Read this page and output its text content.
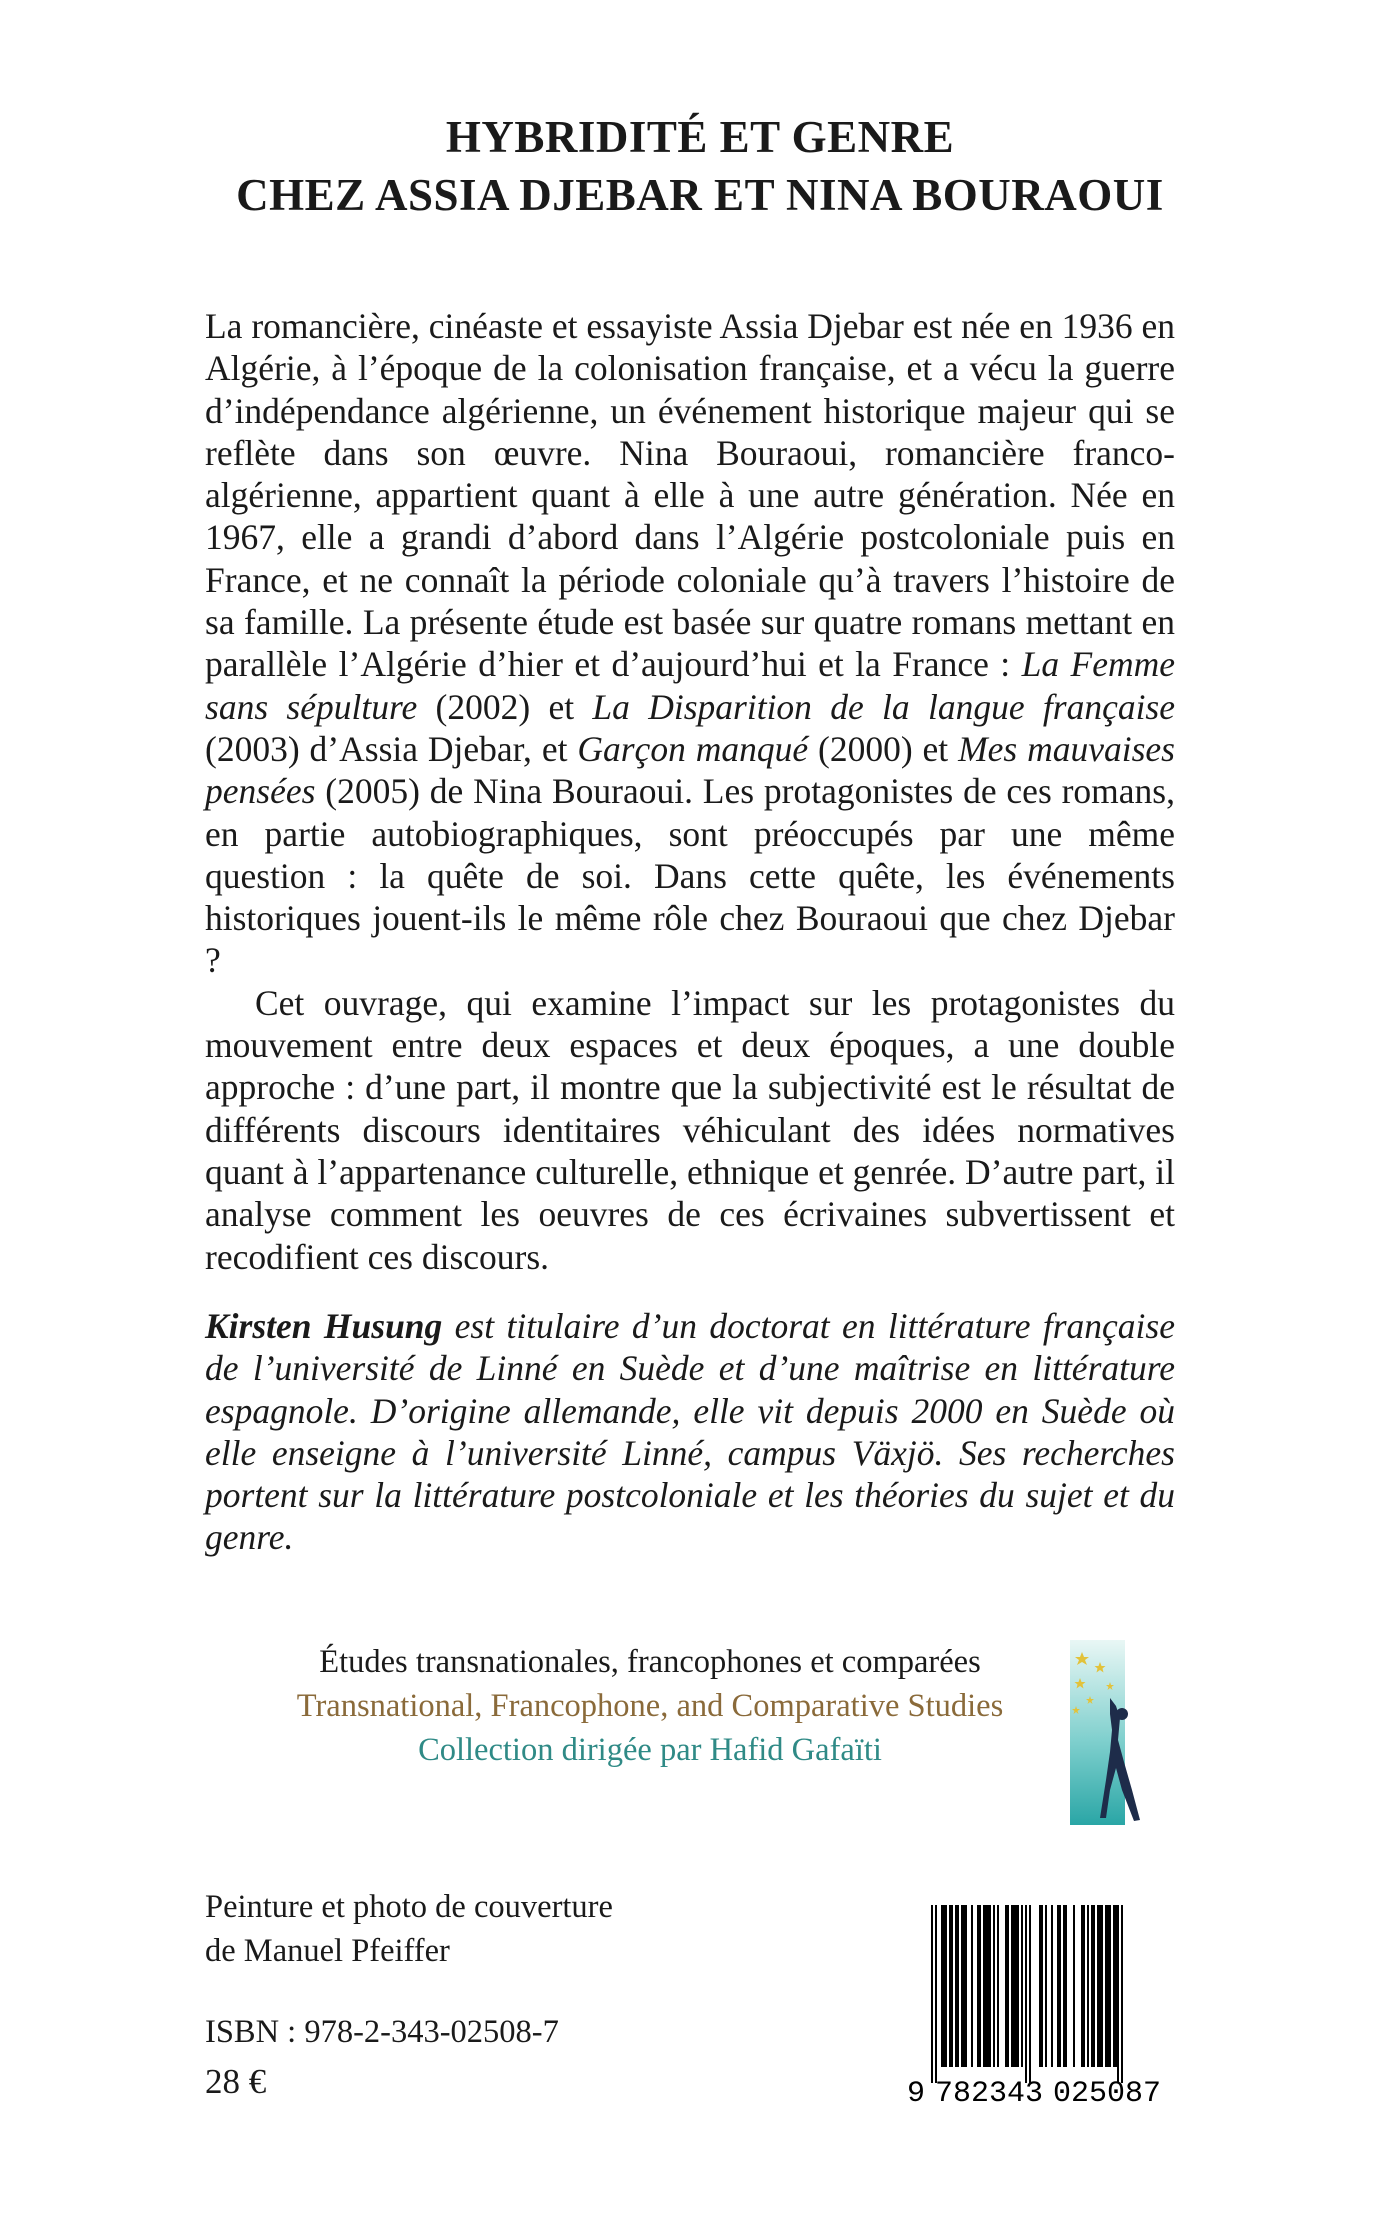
HYBRIDITÉ ET GENRE
CHEZ ASSIA DJEBAR ET NINA BOURAOUI

La romancière, cinéaste et essayiste Assia Djebar est née en 1936 en Algérie, à l’époque de la colonisation française, et a vécu la guerre d’indépendance algérienne, un événement historique majeur qui se reflète dans son œuvre. Nina Bouraoui, romancière franco-algérienne, appartient quant à elle à une autre génération. Née en 1967, elle a grandi d’abord dans l’Algérie postcoloniale puis en France, et ne connaît la période coloniale qu’à travers l’histoire de sa famille. La présente étude est basée sur quatre romans mettant en parallèle l’Algérie d’hier et d’aujourd’hui et la France : La Femme sans sépulture (2002) et La Disparition de la langue française (2003) d’Assia Djebar, et Garçon manqué (2000) et Mes mauvaises pensées (2005) de Nina Bouraoui. Les protagonistes de ces romans, en partie autobiographiques, sont préoccupés par une même question : la quête de soi. Dans cette quête, les événements historiques jouent-ils le même rôle chez Bouraoui que chez Djebar ?

Cet ouvrage, qui examine l’impact sur les protagonistes du mouvement entre deux espaces et deux époques, a une double approche : d’une part, il montre que la subjectivité est le résultat de différents discours identitaires véhiculant des idées normatives quant à l’appartenance culturelle, ethnique et genrée. D’autre part, il analyse comment les oeuvres de ces écrivaines subvertissent et recodifient ces discours.

Kirsten Husung est titulaire d’un doctorat en littérature française de l’université de Linné en Suède et d’une maîtrise en littérature espagnole. D’origine allemande, elle vit depuis 2000 en Suède où elle enseigne à l’université Linné, campus Växjö. Ses recherches portent sur la littérature postcoloniale et les théories du sujet et du genre.

Études transnationales, francophones et comparées
Transnational, Francophone, and Comparative Studies
Collection dirigée par Hafid Gafaïti
Peinture et photo de couverture
de Manuel Pfeiffer
ISBN : 978-2-343-02508-7
28 €	9 782343 025087
